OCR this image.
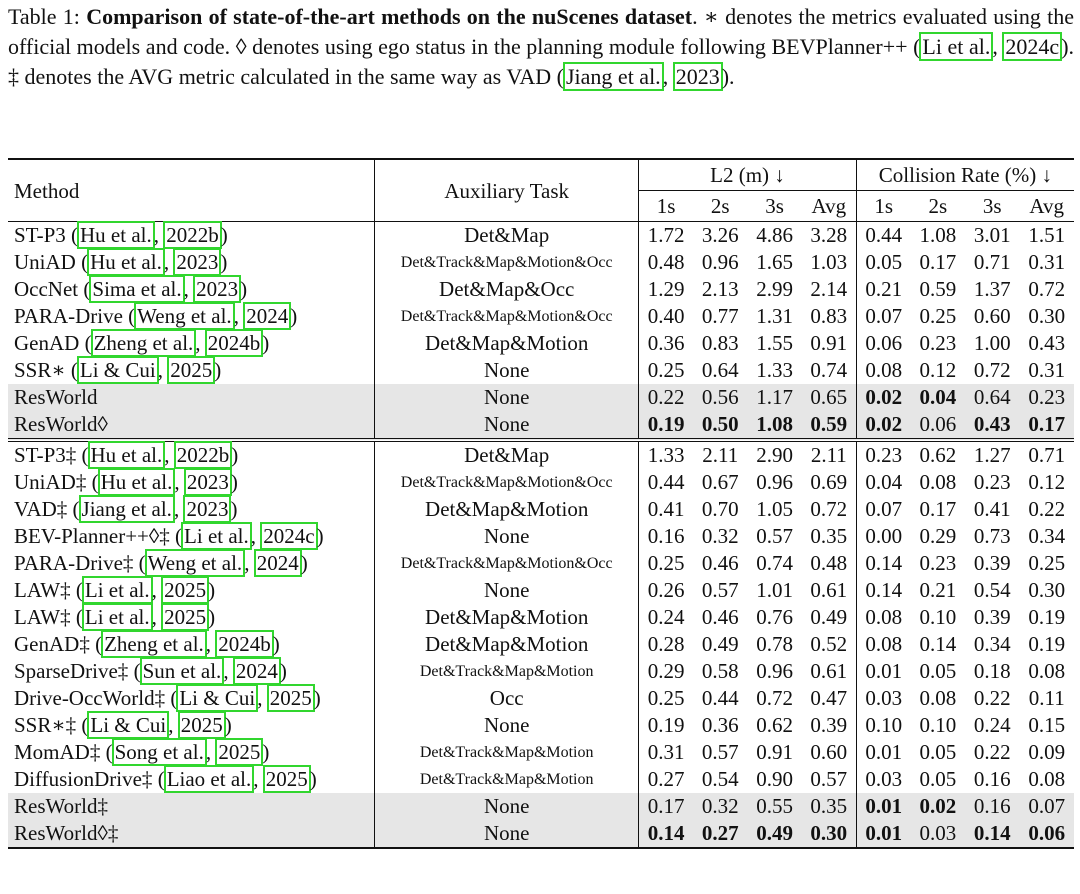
Table 1: Comparison of state-of-the-art methods on the nuScenes dataset. ∗ denotes the metrics evaluated using the official models and code. ◊ denotes using ego status in the planning module following BEVPlanner++ (Li et al., 2024c). ‡ denotes the AVG metric calculated in the same way as VAD (Jiang et al., 2023).
Method	Auxiliary Task	L2 (m) ↓				Collision Rate (%) ↓			
		1s	2s	3s	Avg	1s	2s	3s	Avg
ST-P3 (Hu et al., 2022b)	Det&Map	1.72	3.26	4.86	3.28	0.44	1.08	3.01	1.51
UniAD (Hu et al., 2023)	Det&Track&Map&Motion&Occ	0.48	0.96	1.65	1.03	0.05	0.17	0.71	0.31
OccNet (Sima et al., 2023)	Det&Map&Occ	1.29	2.13	2.99	2.14	0.21	0.59	1.37	0.72
PARA-Drive (Weng et al., 2024)	Det&Track&Map&Motion&Occ	0.40	0.77	1.31	0.83	0.07	0.25	0.60	0.30
GenAD (Zheng et al., 2024b)	Det&Map&Motion	0.36	0.83	1.55	0.91	0.06	0.23	1.00	0.43
SSR∗ (Li & Cui, 2025)	None	0.25	0.64	1.33	0.74	0.08	0.12	0.72	0.31
ResWorld	None	0.22	0.56	1.17	0.65	0.02	0.04	0.64	0.23
ResWorld◊	None	0.19	0.50	1.08	0.59	0.02	0.06	0.43	0.17
ST-P3‡ (Hu et al., 2022b)	Det&Map	1.33	2.11	2.90	2.11	0.23	0.62	1.27	0.71
UniAD‡ (Hu et al., 2023)	Det&Track&Map&Motion&Occ	0.44	0.67	0.96	0.69	0.04	0.08	0.23	0.12
VAD‡ (Jiang et al., 2023)	Det&Map&Motion	0.41	0.70	1.05	0.72	0.07	0.17	0.41	0.22
BEV-Planner++◊‡ (Li et al., 2024c)	None	0.16	0.32	0.57	0.35	0.00	0.29	0.73	0.34
PARA-Drive‡ (Weng et al., 2024)	Det&Track&Map&Motion&Occ	0.25	0.46	0.74	0.48	0.14	0.23	0.39	0.25
LAW‡ (Li et al., 2025)	None	0.26	0.57	1.01	0.61	0.14	0.21	0.54	0.30
LAW‡ (Li et al., 2025)	Det&Map&Motion	0.24	0.46	0.76	0.49	0.08	0.10	0.39	0.19
GenAD‡ (Zheng et al., 2024b)	Det&Map&Motion	0.28	0.49	0.78	0.52	0.08	0.14	0.34	0.19
SparseDrive‡ (Sun et al., 2024)	Det&Track&Map&Motion	0.29	0.58	0.96	0.61	0.01	0.05	0.18	0.08
Drive-OccWorld‡ (Li & Cui, 2025)	Occ	0.25	0.44	0.72	0.47	0.03	0.08	0.22	0.11
SSR∗‡ (Li & Cui, 2025)	None	0.19	0.36	0.62	0.39	0.10	0.10	0.24	0.15
MomAD‡ (Song et al., 2025)	Det&Track&Map&Motion	0.31	0.57	0.91	0.60	0.01	0.05	0.22	0.09
DiffusionDrive‡ (Liao et al., 2025)	Det&Track&Map&Motion	0.27	0.54	0.90	0.57	0.03	0.05	0.16	0.08
ResWorld‡	None	0.17	0.32	0.55	0.35	0.01	0.02	0.16	0.07
ResWorld◊‡	None	0.14	0.27	0.49	0.30	0.01	0.03	0.14	0.06
